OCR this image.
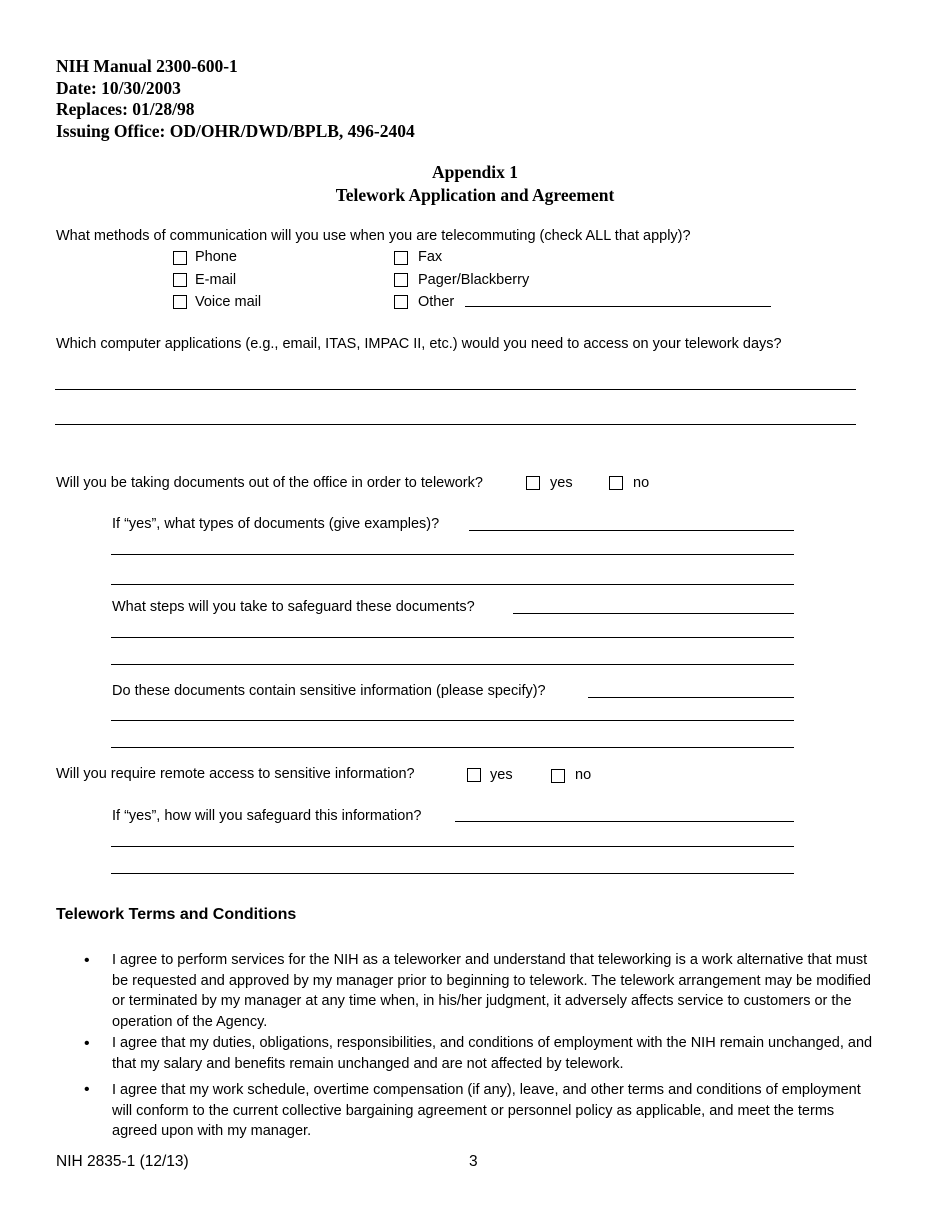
NIH Manual 2300-600-1
Date: 10/30/2003
Replaces: 01/28/98
Issuing Office: OD/OHR/DWD/BPLB, 496-2404
Appendix 1
Telework Application and Agreement
What methods of communication will you use when you are telecommuting (check ALL that apply)?
Phone
E-mail
Voice mail
Fax
Pager/Blackberry
Other
Which computer applications (e.g., email, ITAS, IMPAC II, etc.) would you need to access on your telework days?
Will you be taking documents out of the office in order to telework?	yes	no
If “yes”, what types of documents (give examples)?
What steps will you take to safeguard these documents?
Do these documents contain sensitive information (please specify)?
Will you require remote access to sensitive information?	yes	no
If “yes”, how will you safeguard this information?
Telework Terms and Conditions
• I agree to perform services for the NIH as a teleworker and understand that teleworking is a work alternative that must be requested and approved by my manager prior to beginning to telework. The telework arrangement may be modified or terminated by my manager at any time when, in his/her judgment, it adversely affects service to customers or the operation of the Agency.
• I agree that my duties, obligations, responsibilities, and conditions of employment with the NIH remain unchanged, and that my salary and benefits remain unchanged and are not affected by telework.
• I agree that my work schedule, overtime compensation (if any), leave, and other terms and conditions of employment will conform to the current collective bargaining agreement or personnel policy as applicable, and meet the terms agreed upon with my manager.
NIH 2835-1 (12/13)	3
